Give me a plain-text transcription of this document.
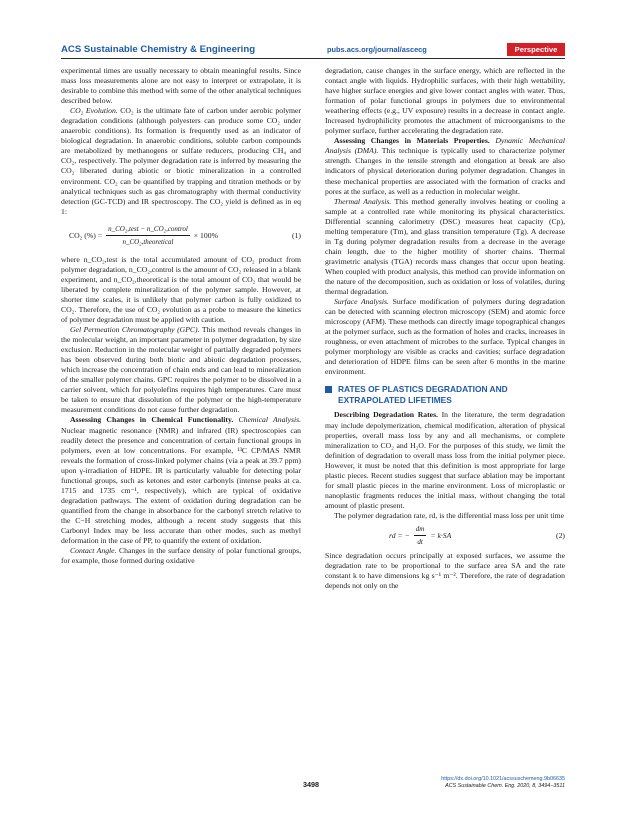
ACS Sustainable Chemistry & Engineering	pubs.acs.org/journal/ascecg	Perspective

experimental times are usually necessary to obtain meaningful results. Since mass loss measurements alone are not easy to interpret or extrapolate, it is desirable to combine this method with some of the other analytical techniques described below.

CO₂ Evolution. CO₂ is the ultimate fate of carbon under aerobic polymer degradation conditions (although polyesters can produce some CO₂ under anaerobic conditions). Its formation is frequently used as an indicator of biological degradation. In anaerobic conditions, soluble carbon compounds are metabolized by methanogens or sulfate reducers, producing CH₄ and CO₂, respectively. The polymer degradation rate is inferred by measuring the CO₂ liberated during abiotic or biotic mineralization in a controlled environment. CO₂ can be quantified by trapping and titration methods or by analytical techniques such as gas chromatography with thermal conductivity detection (GC-TCD) and IR spectroscopy. The CO₂ yield is defined as in eq 1:

CO₂ (%) = $\frac{\text{n\_CO₂,test − n\_CO₂,control}}{\text{n\_CO₂,theoretical}} \times 100\%$	(1)

where n_CO₂,test is the total accumulated amount of CO₂ product from polymer degradation, n_CO₂,control is the amount of CO₂ released in a blank experiment, and n_CO₂,theoretical is the total amount of CO₂ that would be liberated by complete mineralization of the polymer sample. However, at shorter time scales, it is unlikely that polymer carbon is fully oxidized to CO₂. Therefore, the use of CO₂ evolution as a probe to measure the kinetics of polymer degradation must be applied with caution.

Gel Permeation Chromatography (GPC). This method reveals changes in the molecular weight, an important parameter in polymer degradation, by size exclusion. Reduction in the molecular weight of partially degraded polymers has been observed during both biotic and abiotic degradation processes, which increase the concentration of chain ends and can lead to mineralization of the smaller polymer chains. GPC requires the polymer to be dissolved in a carrier solvent, which for polyolefins requires high temperatures. Care must be taken to ensure that dissolution of the polymer or the high-temperature measurement conditions do not cause further degradation.

Assessing Changes in Chemical Functionality. Chemical Analysis. Nuclear magnetic resonance (NMR) and infrared (IR) spectroscopies can readily detect the presence and concentration of certain functional groups in polymers, even at low concentrations. For example, ¹³C CP/MAS NMR reveals the formation of cross-linked polymer chains (via a peak at 39.7 ppm) upon γ-irradiation of HDPE. IR is particularly valuable for detecting polar functional groups, such as ketones and ester carbonyls (intense peaks at ca. 1715 and 1735 cm⁻¹, respectively), which are typical of oxidative degradation pathways. The extent of oxidation during degradation can be quantified from the change in absorbance for the carbonyl stretch relative to the C−H stretching modes, although a recent study suggests that this Carbonyl Index may be less accurate than other modes, such as methyl deformation in the case of PP, to quantify the extent of oxidation.

Contact Angle. Changes in the surface density of polar functional groups, for example, those formed during oxidative

degradation, cause changes in the surface energy, which are reflected in the contact angle with liquids. Hydrophilic surfaces, with their high wettability, have higher surface energies and give lower contact angles with water. Thus, formation of polar functional groups in polymers due to environmental weathering effects (e.g., UV exposure) results in a decrease in contact angle. Increased hydrophilicity promotes the attachment of microorganisms to the polymer surface, further accelerating the degradation rate.

Assessing Changes in Materials Properties. Dynamic Mechanical Analysis (DMA). This technique is typically used to characterize polymer strength. Changes in the tensile strength and elongation at break are also indicators of physical deterioration during polymer degradation. Changes in these mechanical properties are associated with the formation of cracks and pores at the surface, as well as a reduction in molecular weight.

Thermal Analysis. This method generally involves heating or cooling a sample at a controlled rate while monitoring its physical characteristics. Differential scanning calorimetry (DSC) measures heat capacity (Cp), melting temperature (Tm), and glass transition temperature (Tg). A decrease in Tg during polymer degradation results from a decrease in the average chain length, due to the higher motility of shorter chains. Thermal gravimetric analysis (TGA) records mass changes that occur upon heating. When coupled with product analysis, this method can provide information on the nature of the decomposition, such as oxidation or loss of volatiles, during thermal degradation.

Surface Analysis. Surface modification of polymers during degradation can be detected with scanning electron microscopy (SEM) and atomic force microscopy (AFM). These methods can directly image topographical changes at the polymer surface, such as the formation of holes and cracks, increases in roughness, or even attachment of microbes to the surface. Typical changes in polymer morphology are visible as cracks and cavities; surface degradation and deterioration of HDPE films can be seen after 6 months in the marine environment.

RATES OF PLASTICS DEGRADATION AND EXTRAPOLATED LIFETIMES

Describing Degradation Rates. In the literature, the term degradation may include depolymerization, chemical modification, alteration of physical properties, overall mass loss by any and all mechanisms, or complete mineralization to CO₂ and H₂O. For the purposes of this study, we limit the definition of degradation to overall mass loss from the initial polymer piece. However, it must be noted that this definition is most appropriate for large plastic pieces. Recent studies suggest that surface ablation may be important for small plastic pieces in the marine environment. Loss of microplastic or nanoplastic fragments reduces the initial mass, without changing the total amount of plastic present.

The polymer degradation rate, rd, is the differential mass loss per unit time

rd = − $\frac{dm}{dt} = k\cdot SA$	(2)

Since degradation occurs principally at exposed surfaces, we assume the degradation rate to be proportional to the surface area SA and the rate constant k to have dimensions kg s⁻¹ m⁻². Therefore, the rate of degradation depends not only on the

3498
https://dx.doi.org/10.1021/acssuschemeng.9b06635
ACS Sustainable Chem. Eng. 2020, 8, 3494−3511
